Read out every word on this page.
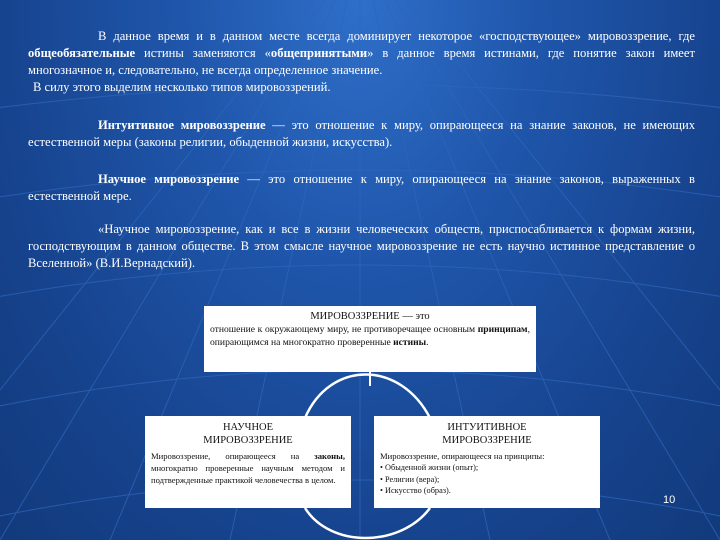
В данное время и в данном месте всегда доминирует некоторое «господствующее» мировоззрение, где общеобязательные истины заменяются «общепринятыми» в данное время истинами, где понятие закон имеет многозначное и, следовательно, не всегда определенное значение.
В силу этого выделим несколько типов мировоззрений.
Интуитивное мировоззрение — это отношение к миру, опирающееся на знание законов, не имеющих естественной меры (законы религии, обыденной жизни, искусства).
Научное мировоззрение — это отношение к миру, опирающееся на знание законов, выраженных в естественной мере.
«Научное мировоззрение, как и все в жизни человеческих обществ, приспосабливается к формам жизни, господствующим в данном обществе. В этом смысле научное мировоззрение не есть научно истинное представление о Вселенной» (В.И.Вернадский).
МИРОВОЗЗРЕНИЕ — это
отношение к окружающему миру, не противоречащее основным принципам, опирающимся на многократно проверенные истины.
НАУЧНОЕ
МИРОВОЗЗРЕНИЕ
Мировоззрение, опирающееся на законы, многократно проверенные научным методом и подтвержденные практикой человечества в целом.
ИНТУИТИВНОЕ
МИРОВОЗЗРЕНИЕ
Мировоззрение, опирающееся на принципы:
• Обыденной жизни (опыт);
• Религии (вера);
• Искусство (образ).
10
